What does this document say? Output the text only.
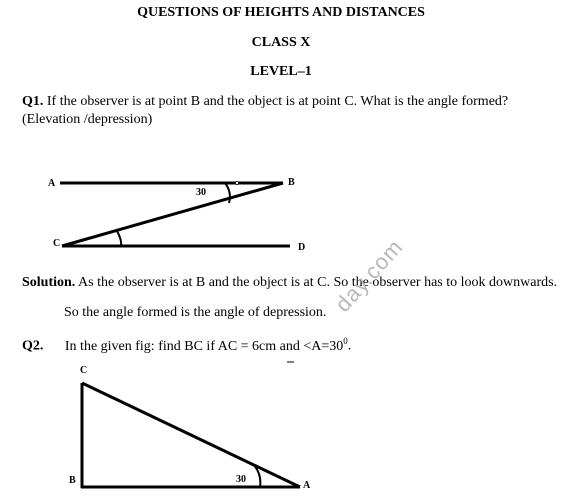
QUESTIONS OF HEIGHTS AND DISTANCES
CLASS X
LEVEL–1
Q1. If the observer is at point B and the object is at point C. What is the angle formed?
(Elevation /depression)
A	B
C	D
30
Solution. As the observer is at B and the object is at C. So the observer has to look downwards.
So the angle formed is the angle of depression.
Q2. In the given fig: find BC if AC = 6cm and $<A=30^0$.
C
B	A
30
day.com
